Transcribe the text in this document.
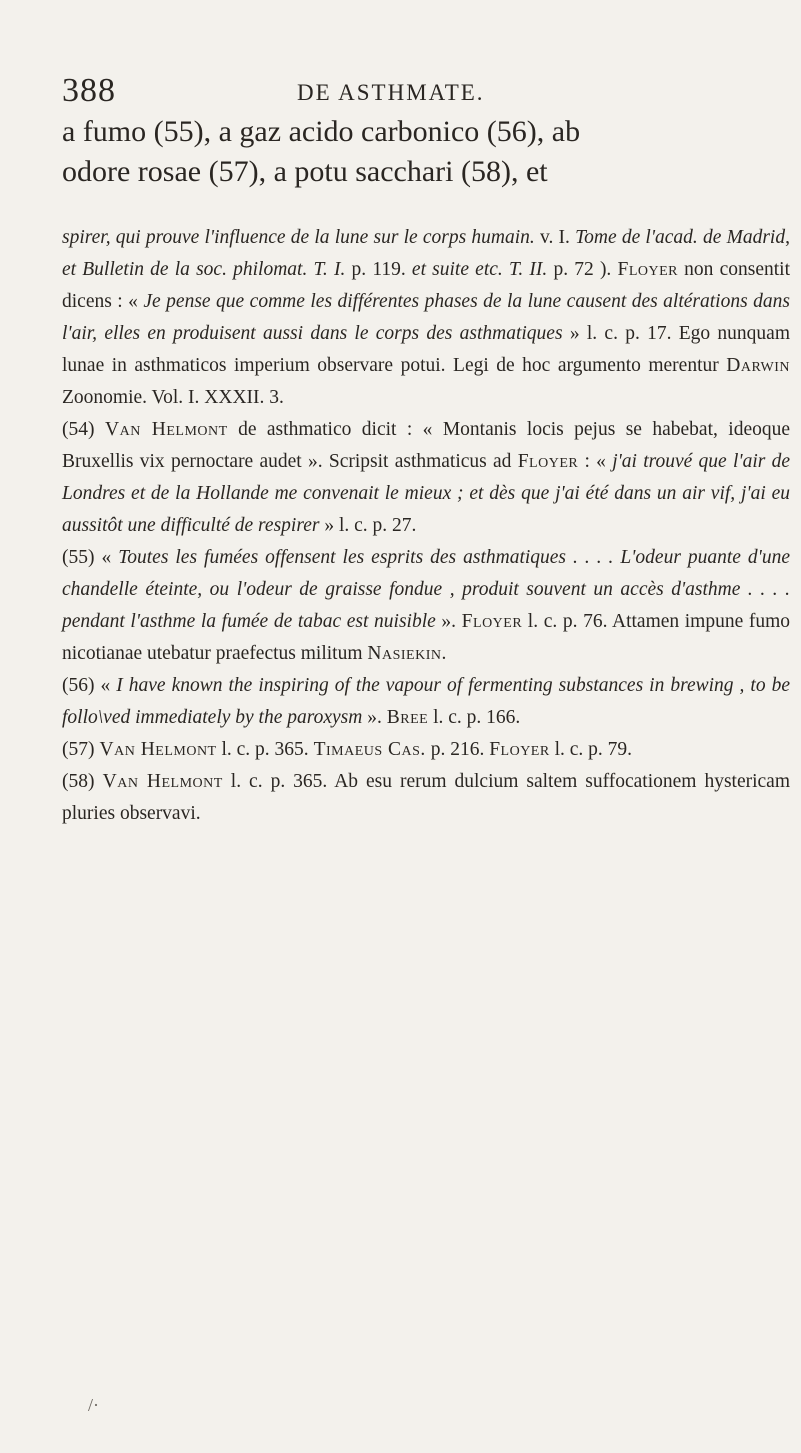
388	DE ASTHMATE.

a fumo (55), a gaz acido carbonico (56), ab

odore rosae (57), a potu sacchari (58), et

spirer, qui prouve l'influence de la lune sur le corps humain. v. I. Tome de l'acad. de Madrid, et Bulletin de la soc. philomat. T. I. p. 119. et suite etc. T. II. p. 72 ). Floyer non consentit dicens : « Je pense que comme les différentes phases de la lune causent des altérations dans l'air, elles en produisent aussi dans le corps des asthmatiques » l. c. p. 17. Ego nunquam lunae in asthmaticos imperium observare potui. Legi de hoc argumento merentur Darwin Zoonomie. Vol. I. XXXII. 3.

(54) Van Helmont de asthmatico dicit : « Montanis locis pejus se habebat, ideoque Bruxellis vix pernoctare audet ». Scripsit asthmaticus ad Floyer : « j'ai trouvé que l'air de Londres et de la Hollande me convenait le mieux ; et dès que j'ai été dans un air vif, j'ai eu aussitôt une difficulté de respirer » l. c. p. 27.

(55) « Toutes les fumées offensent les esprits des asthmatiques . . . . L'odeur puante d'une chandelle éteinte, ou l'odeur de graisse fondue , produit souvent un accès d'asthme . . . . pendant l'asthme la fumée de tabac est nuisible ». Floyer l. c. p. 76. Attamen impune fumo nicotianae utebatur praefectus militum Nasiekin.

(56) « I have known the inspiring of the vapour of fermenting substances in brewing , to be follo\ved immediately by the paroxysm ». Bree l. c. p. 166.

(57) Van Helmont l. c. p. 365. Timaeus Cas. p. 216. Floyer l. c. p. 79.

(58) Van Helmont l. c. p. 365. Ab esu rerum dulcium saltem suffocationem hystericam pluries observavi.

/·
